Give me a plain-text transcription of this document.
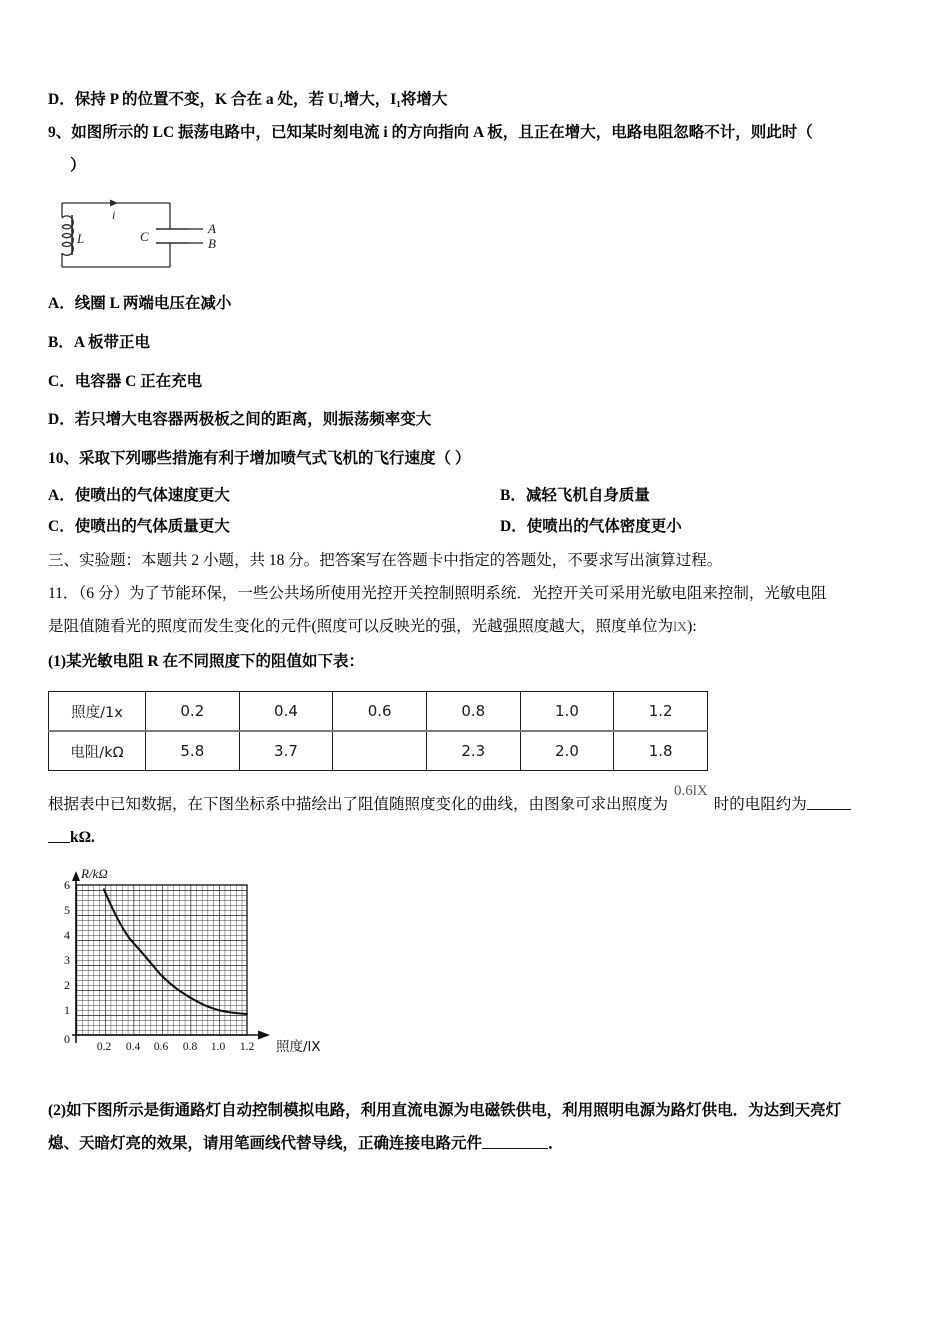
D．保持 P 的位置不变，K 合在 a 处，若 U₁增大，I₁将增大
9、如图所示的 LC 振荡电路中，已知某时刻电流 i 的方向指向 A 板，且正在增大，电路电阻忽略不计，则此时（
）
i
L	C
A
B
A．线圈 L 两端电压在减小
B．A 板带正电
C．电容器 C 正在充电
D．若只增大电容器两极板之间的距离，则振荡频率变大
10、采取下列哪些措施有利于增加喷气式飞机的飞行速度（ ）
A．使喷出的气体速度更大	B．减轻飞机自身质量
C．使喷出的气体质量更大	D．使喷出的气体密度更小
三、实验题：本题共 2 小题，共 18 分。把答案写在答题卡中指定的答题处，不要求写出演算过程。
11．（6 分）为了节能环保，一些公共场所使用光控开关控制照明系统．光控开关可采用光敏电阻来控制，光敏电阻
是阻值随看光的照度而发生变化的元件(照度可以反映光的强，光越强照度越大，照度单位为lX):
(1)某光敏电阻 R 在不同照度下的阻值如下表：
照度/1x	0.2	0.4	0.6	0.8	1.0	1.2
电阻/kΩ	5.8	3.7		2.3	2.0	1.8
根据表中已知数据，在下图坐标系中描绘出了阻值随照度变化的曲线，由图象可求出照度为0.6lX时的电阻约为
kΩ.
6
5
4
3
2
1
0
0.2 0.4 0.6 0.8 1.0 1.2
R/kΩ
照度/lX
(2)如下图所示是街通路灯自动控制模拟电路，利用直流电源为电磁铁供电，利用照明电源为路灯供电．为达到天亮灯
熄、天暗灯亮的效果，请用笔画线代替导线，正确连接电路元件	．
